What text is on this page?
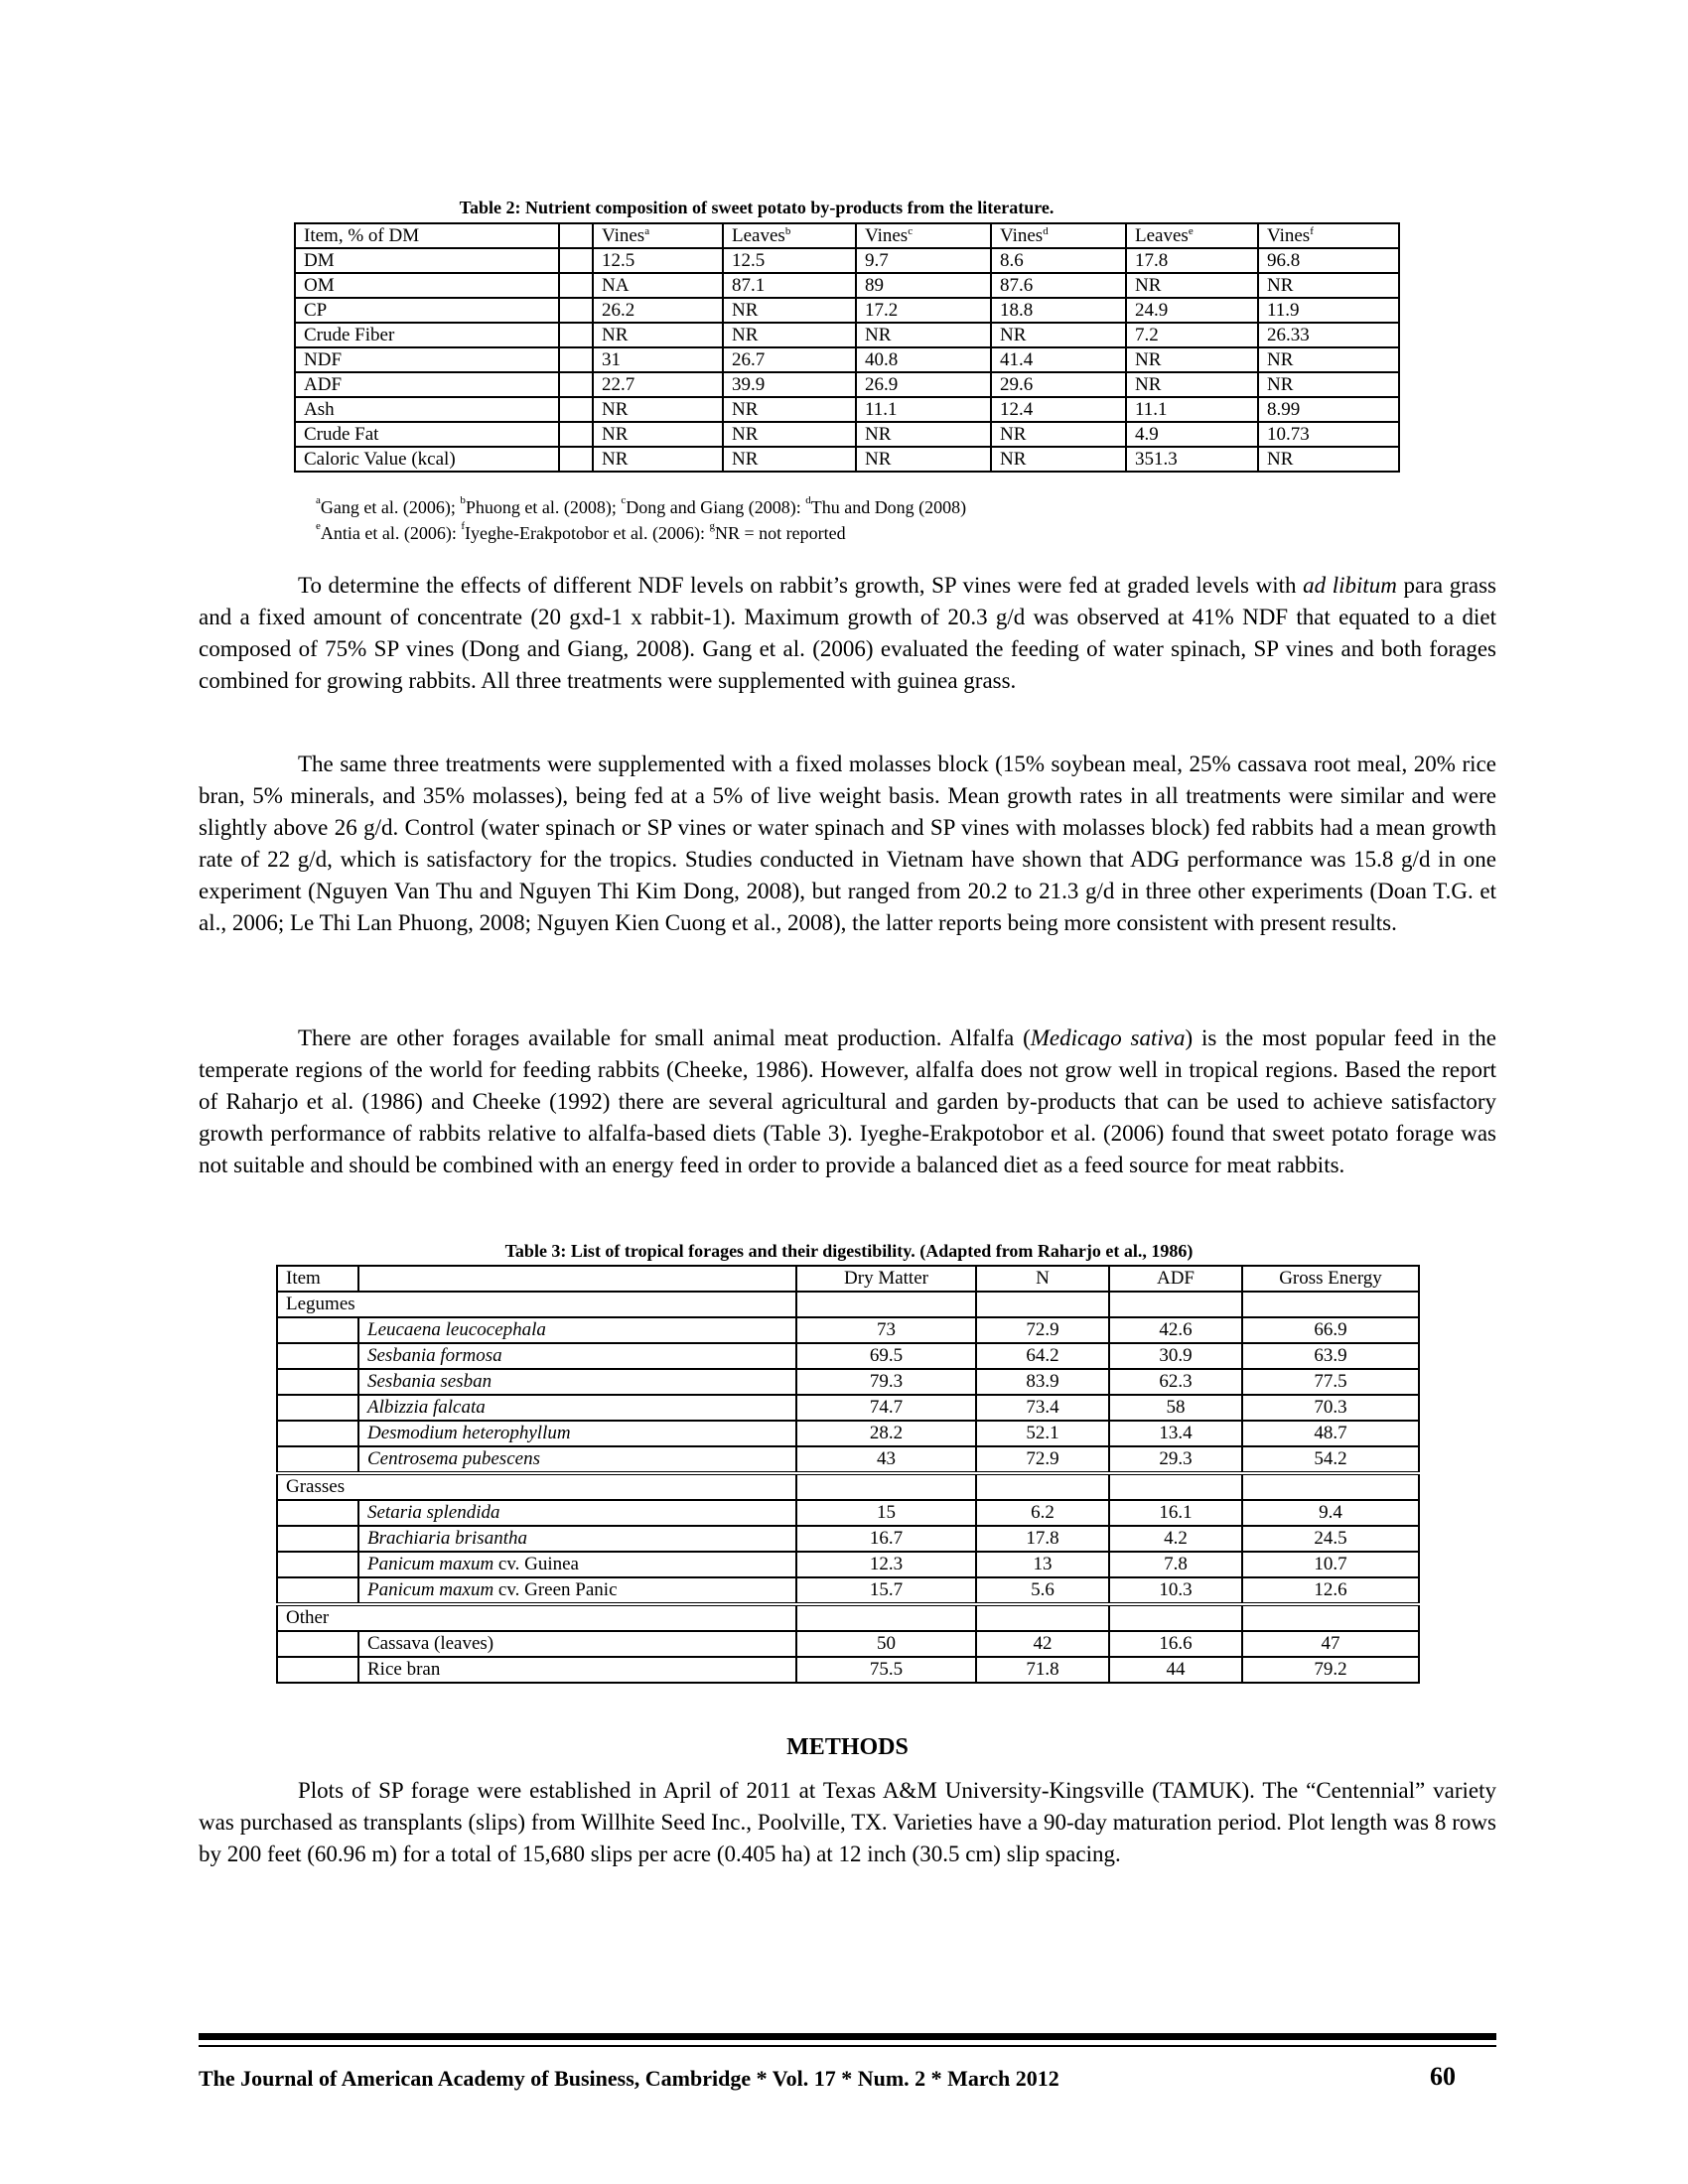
Table 2: Nutrient composition of sweet potato by-products from the literature.
Item, % of DM		Vines$^a$	Leaves$^b$	Vines$^c$	Vines$^d$	Leaves$^e$	Vines$^f$
DM		12.5	12.5	9.7	8.6	17.8	96.8
OM		NA	87.1	89	87.6	NR	NR
CP		26.2	NR	17.2	18.8	24.9	11.9
Crude Fiber		NR	NR	NR	NR	7.2	26.33
NDF		31	26.7	40.8	41.4	NR	NR
ADF		22.7	39.9	26.9	29.6	NR	NR
Ash		NR	NR	11.1	12.4	11.1	8.99
Crude Fat		NR	NR	NR	NR	4.9	10.73
Caloric Value (kcal)		NR	NR	NR	NR	351.3	NR
$^a$Gang et al. (2006); $^b$Phuong et al. (2008); $^c$Dong and Giang (2008): $^d$Thu and Dong (2008)
$^e$Antia et al. (2006): $^f$Iyeghe-Erakpotobor et al. (2006): $^g$NR = not reported

To determine the effects of different NDF levels on rabbit’s growth, SP vines were fed at graded levels with ad libitum para grass and a fixed amount of concentrate (20 gxd-1 x rabbit-1). Maximum growth of 20.3 g/d was observed at 41% NDF that equated to a diet composed of 75% SP vines (Dong and Giang, 2008). Gang et al. (2006) evaluated the feeding of water spinach, SP vines and both forages combined for growing rabbits. All three treatments were supplemented with guinea grass.

The same three treatments were supplemented with a fixed molasses block (15% soybean meal, 25% cassava root meal, 20% rice bran, 5% minerals, and 35% molasses), being fed at a 5% of live weight basis. Mean growth rates in all treatments were similar and were slightly above 26 g/d. Control (water spinach or SP vines or water spinach and SP vines with molasses block) fed rabbits had a mean growth rate of 22 g/d, which is satisfactory for the tropics. Studies conducted in Vietnam have shown that ADG performance was 15.8 g/d in one experiment (Nguyen Van Thu and Nguyen Thi Kim Dong, 2008), but ranged from 20.2 to 21.3 g/d in three other experiments (Doan T.G. et al., 2006; Le Thi Lan Phuong, 2008; Nguyen Kien Cuong et al., 2008), the latter reports being more consistent with present results.

There are other forages available for small animal meat production. Alfalfa (Medicago sativa) is the most popular feed in the temperate regions of the world for feeding rabbits (Cheeke, 1986). However, alfalfa does not grow well in tropical regions. Based the report of Raharjo et al. (1986) and Cheeke (1992) there are several agricultural and garden by-products that can be used to achieve satisfactory growth performance of rabbits relative to alfalfa-based diets (Table 3). Iyeghe-Erakpotobor et al. (2006) found that sweet potato forage was not suitable and should be combined with an energy feed in order to provide a balanced diet as a feed source for meat rabbits.

Table 3: List of tropical forages and their digestibility. (Adapted from Raharjo et al., 1986)
Item		Dry Matter	N	ADF	Gross Energy
Legumes					
	Leucaena leucocephala	73	72.9	42.6	66.9
	Sesbania formosa	69.5	64.2	30.9	63.9
	Sesbania sesban	79.3	83.9	62.3	77.5
	Albizzia falcata	74.7	73.4	58	70.3
	Desmodium heterophyllum	28.2	52.1	13.4	48.7
	Centrosema pubescens	43	72.9	29.3	54.2
Grasses					
	Setaria splendida	15	6.2	16.1	9.4
	Brachiaria brisantha	16.7	17.8	4.2	24.5
	Panicum maxum cv. Guinea	12.3	13	7.8	10.7
	Panicum maxum cv. Green Panic	15.7	5.6	10.3	12.6
Other					
	Cassava (leaves)	50	42	16.6	47
	Rice bran	75.5	71.8	44	79.2
METHODS

Plots of SP forage were established in April of 2011 at Texas A&M University-Kingsville (TAMUK). The “Centennial” variety was purchased as transplants (slips) from Willhite Seed Inc., Poolville, TX. Varieties have a 90-day maturation period. Plot length was 8 rows by 200 feet (60.96 m) for a total of 15,680 slips per acre (0.405 ha) at 12 inch (30.5 cm) slip spacing.

The Journal of American Academy of Business, Cambridge * Vol. 17 * Num. 2 * March 2012	60
